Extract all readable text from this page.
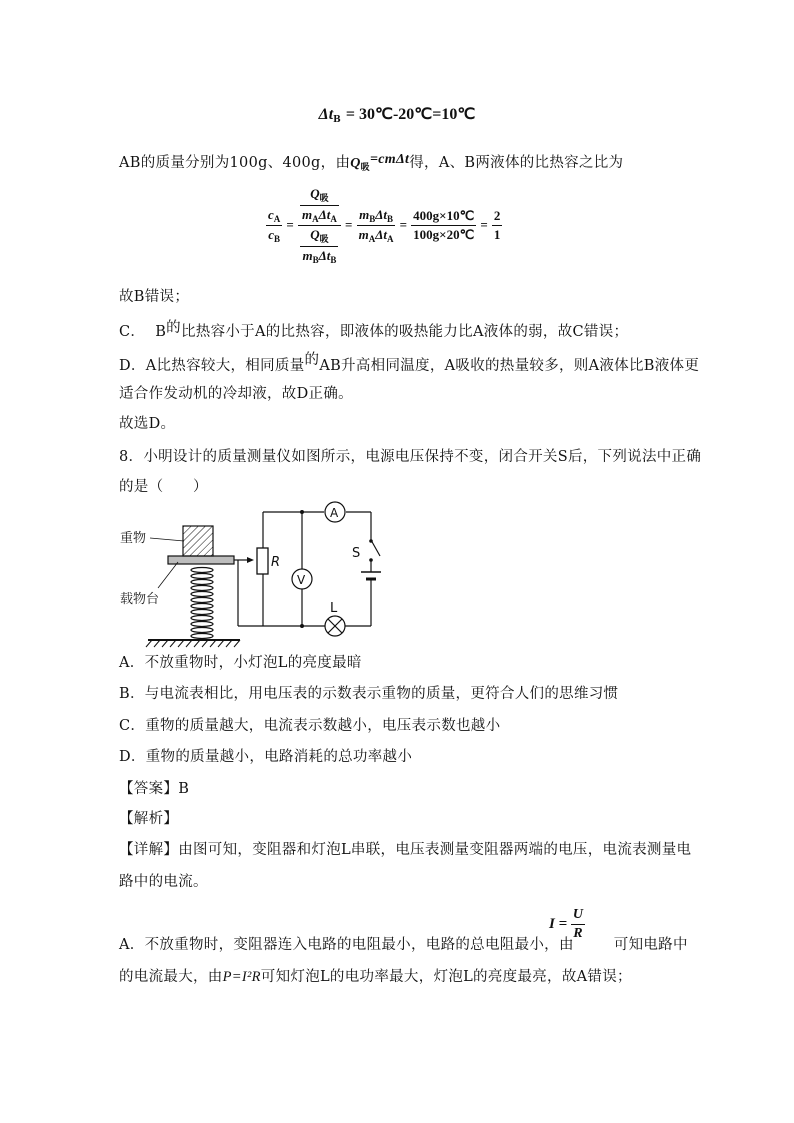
$\Delta t_B$ = 30℃-20℃=10℃
AB的质量分别为100g、400g，由$Q_吸=cm\Delta t$得，A、B两液体的比热容之比为
$\frac{c_A}{c_B} = \frac{\frac{Q_吸}{m_A\Delta t_A}}{\frac{Q_吸}{m_B\Delta t_B}} = \frac{m_B\Delta t_B}{m_A\Delta t_A} = \frac{400g\times 10℃}{100g\times 20℃} = \frac{2}{1}$
故B错误；
C． B的比热容小于A的比热容，即液体的吸热能力比A液体的弱，故C错误；
D．A比热容较大，相同质量的AB升高相同温度，A吸收的热量较多，则A液体比B液体更
适合作发动机的冷却液，故D正确。
故选D。
8．小明设计的质量测量仪如图所示，电源电压保持不变，闭合开关S后，下列说法中正确
的是（　　）
重物
载物台
R
V
A
S
L
A．不放重物时，小灯泡L的亮度最暗
B．与电流表相比，用电压表的示数表示重物的质量，更符合人们的思维习惯
C．重物的质量越大，电流表示数越小，电压表示数也越小
D．重物的质量越小，电路消耗的总功率越小
【答案】B
【解析】
【详解】由图可知，变阻器和灯泡L串联，电压表测量变阻器两端的电压，电流表测量电
路中的电流。
$I = \frac{U}{R}$
A．不放重物时，变阻器连入电路的电阻最小，电路的总电阻最小，由	可知电路中
的电流最大，由P=I²R可知灯泡L的电功率最大，灯泡L的亮度最亮，故A错误；
